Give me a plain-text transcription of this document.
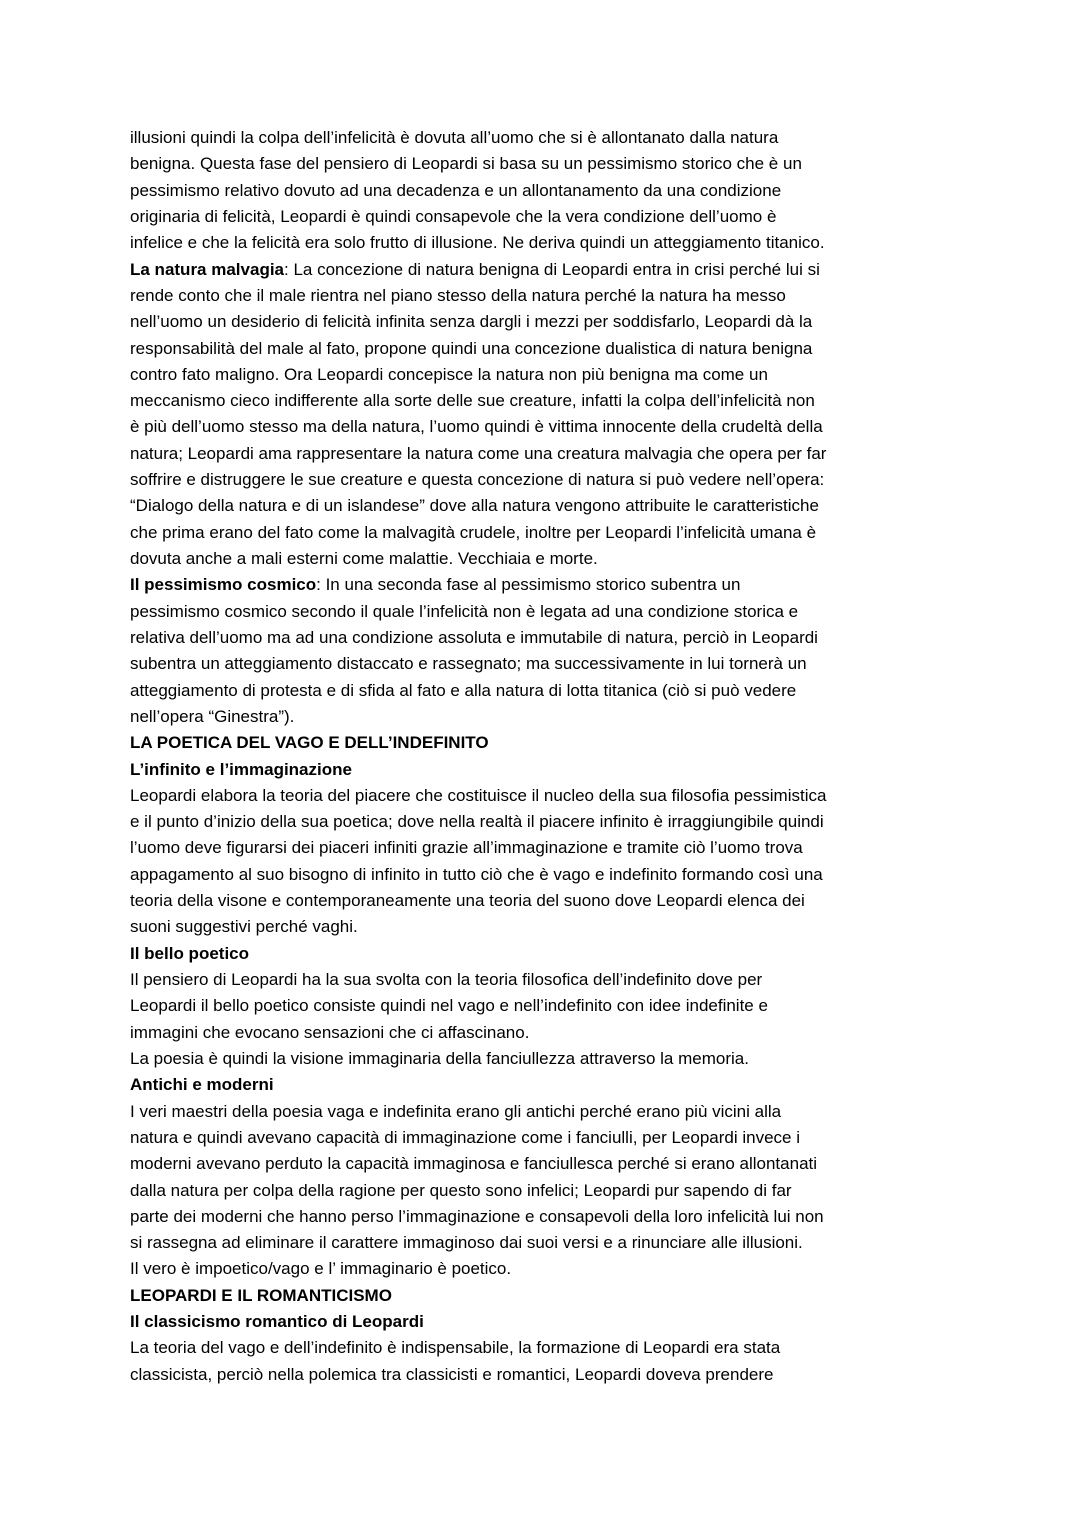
illusioni quindi la colpa dell’infelicità è dovuta all’uomo che si è allontanato dalla natura
benigna. Questa fase del pensiero di Leopardi si basa su un pessimismo storico che è un
pessimismo relativo dovuto ad una decadenza e un allontanamento da una condizione
originaria di felicità, Leopardi è quindi consapevole che la vera condizione dell’uomo è
infelice e che la felicità era solo frutto di illusione. Ne deriva quindi un atteggiamento titanico.
La natura malvagia: La concezione di natura benigna di Leopardi entra in crisi perché lui si
rende conto che il male rientra nel piano stesso della natura perché la natura ha messo
nell’uomo un desiderio di felicità infinita senza dargli i mezzi per soddisfarlo, Leopardi dà la
responsabilità del male al fato, propone quindi una concezione dualistica di natura benigna
contro fato maligno. Ora Leopardi concepisce la natura non più benigna ma come un
meccanismo cieco indifferente alla sorte delle sue creature, infatti la colpa dell’infelicità non
è più dell’uomo stesso ma della natura, l’uomo quindi è vittima innocente della crudeltà della
natura; Leopardi ama rappresentare la natura come una creatura malvagia che opera per far
soffrire e distruggere le sue creature e questa concezione di natura si può vedere nell’opera:
“Dialogo della natura e di un islandese” dove alla natura vengono attribuite le caratteristiche
che prima erano del fato come la malvagità crudele, inoltre per Leopardi l’infelicità umana è
dovuta anche a mali esterni come malattie. Vecchiaia e morte.
Il pessimismo cosmico: In una seconda fase al pessimismo storico subentra un
pessimismo cosmico secondo il quale l’infelicità non è legata ad una condizione storica e
relativa dell’uomo ma ad una condizione assoluta e immutabile di natura, perciò in Leopardi
subentra un atteggiamento distaccato e rassegnato; ma successivamente in lui tornerà un
atteggiamento di protesta e di sfida al fato e alla natura di lotta titanica (ciò si può vedere
nell’opera “Ginestra”).
LA POETICA DEL VAGO E DELL’INDEFINITO
L’infinito e l’immaginazione
Leopardi elabora la teoria del piacere che costituisce il nucleo della sua filosofia pessimistica
e il punto d’inizio della sua poetica; dove nella realtà il piacere infinito è irraggiungibile quindi
l’uomo deve figurarsi dei piaceri infiniti grazie all’immaginazione e tramite ciò l’uomo trova
appagamento al suo bisogno di infinito in tutto ciò che è vago e indefinito formando così una
teoria della visone e contemporaneamente una teoria del suono dove Leopardi elenca dei
suoni suggestivi perché vaghi.
Il bello poetico
Il pensiero di Leopardi ha la sua svolta con la teoria filosofica dell’indefinito dove per
Leopardi il bello poetico consiste quindi nel vago e nell’indefinito con idee indefinite e
immagini che evocano sensazioni che ci affascinano.
La poesia è quindi la visione immaginaria della fanciullezza attraverso la memoria.
Antichi e moderni
I veri maestri della poesia vaga e indefinita erano gli antichi perché erano più vicini alla
natura e quindi avevano capacità di immaginazione come i fanciulli, per Leopardi invece i
moderni avevano perduto la capacità immaginosa e fanciullesca perché si erano allontanati
dalla natura per colpa della ragione per questo sono infelici; Leopardi pur sapendo di far
parte dei moderni che hanno perso l’immaginazione e consapevoli della loro infelicità lui non
si rassegna ad eliminare il carattere immaginoso dai suoi versi e a rinunciare alle illusioni.
Il vero è impoetico/vago e l’ immaginario è poetico.
LEOPARDI E IL ROMANTICISMO
Il classicismo romantico di Leopardi
La teoria del vago e dell’indefinito è indispensabile, la formazione di Leopardi era stata
classicista, perciò nella polemica tra classicisti e romantici, Leopardi doveva prendere
